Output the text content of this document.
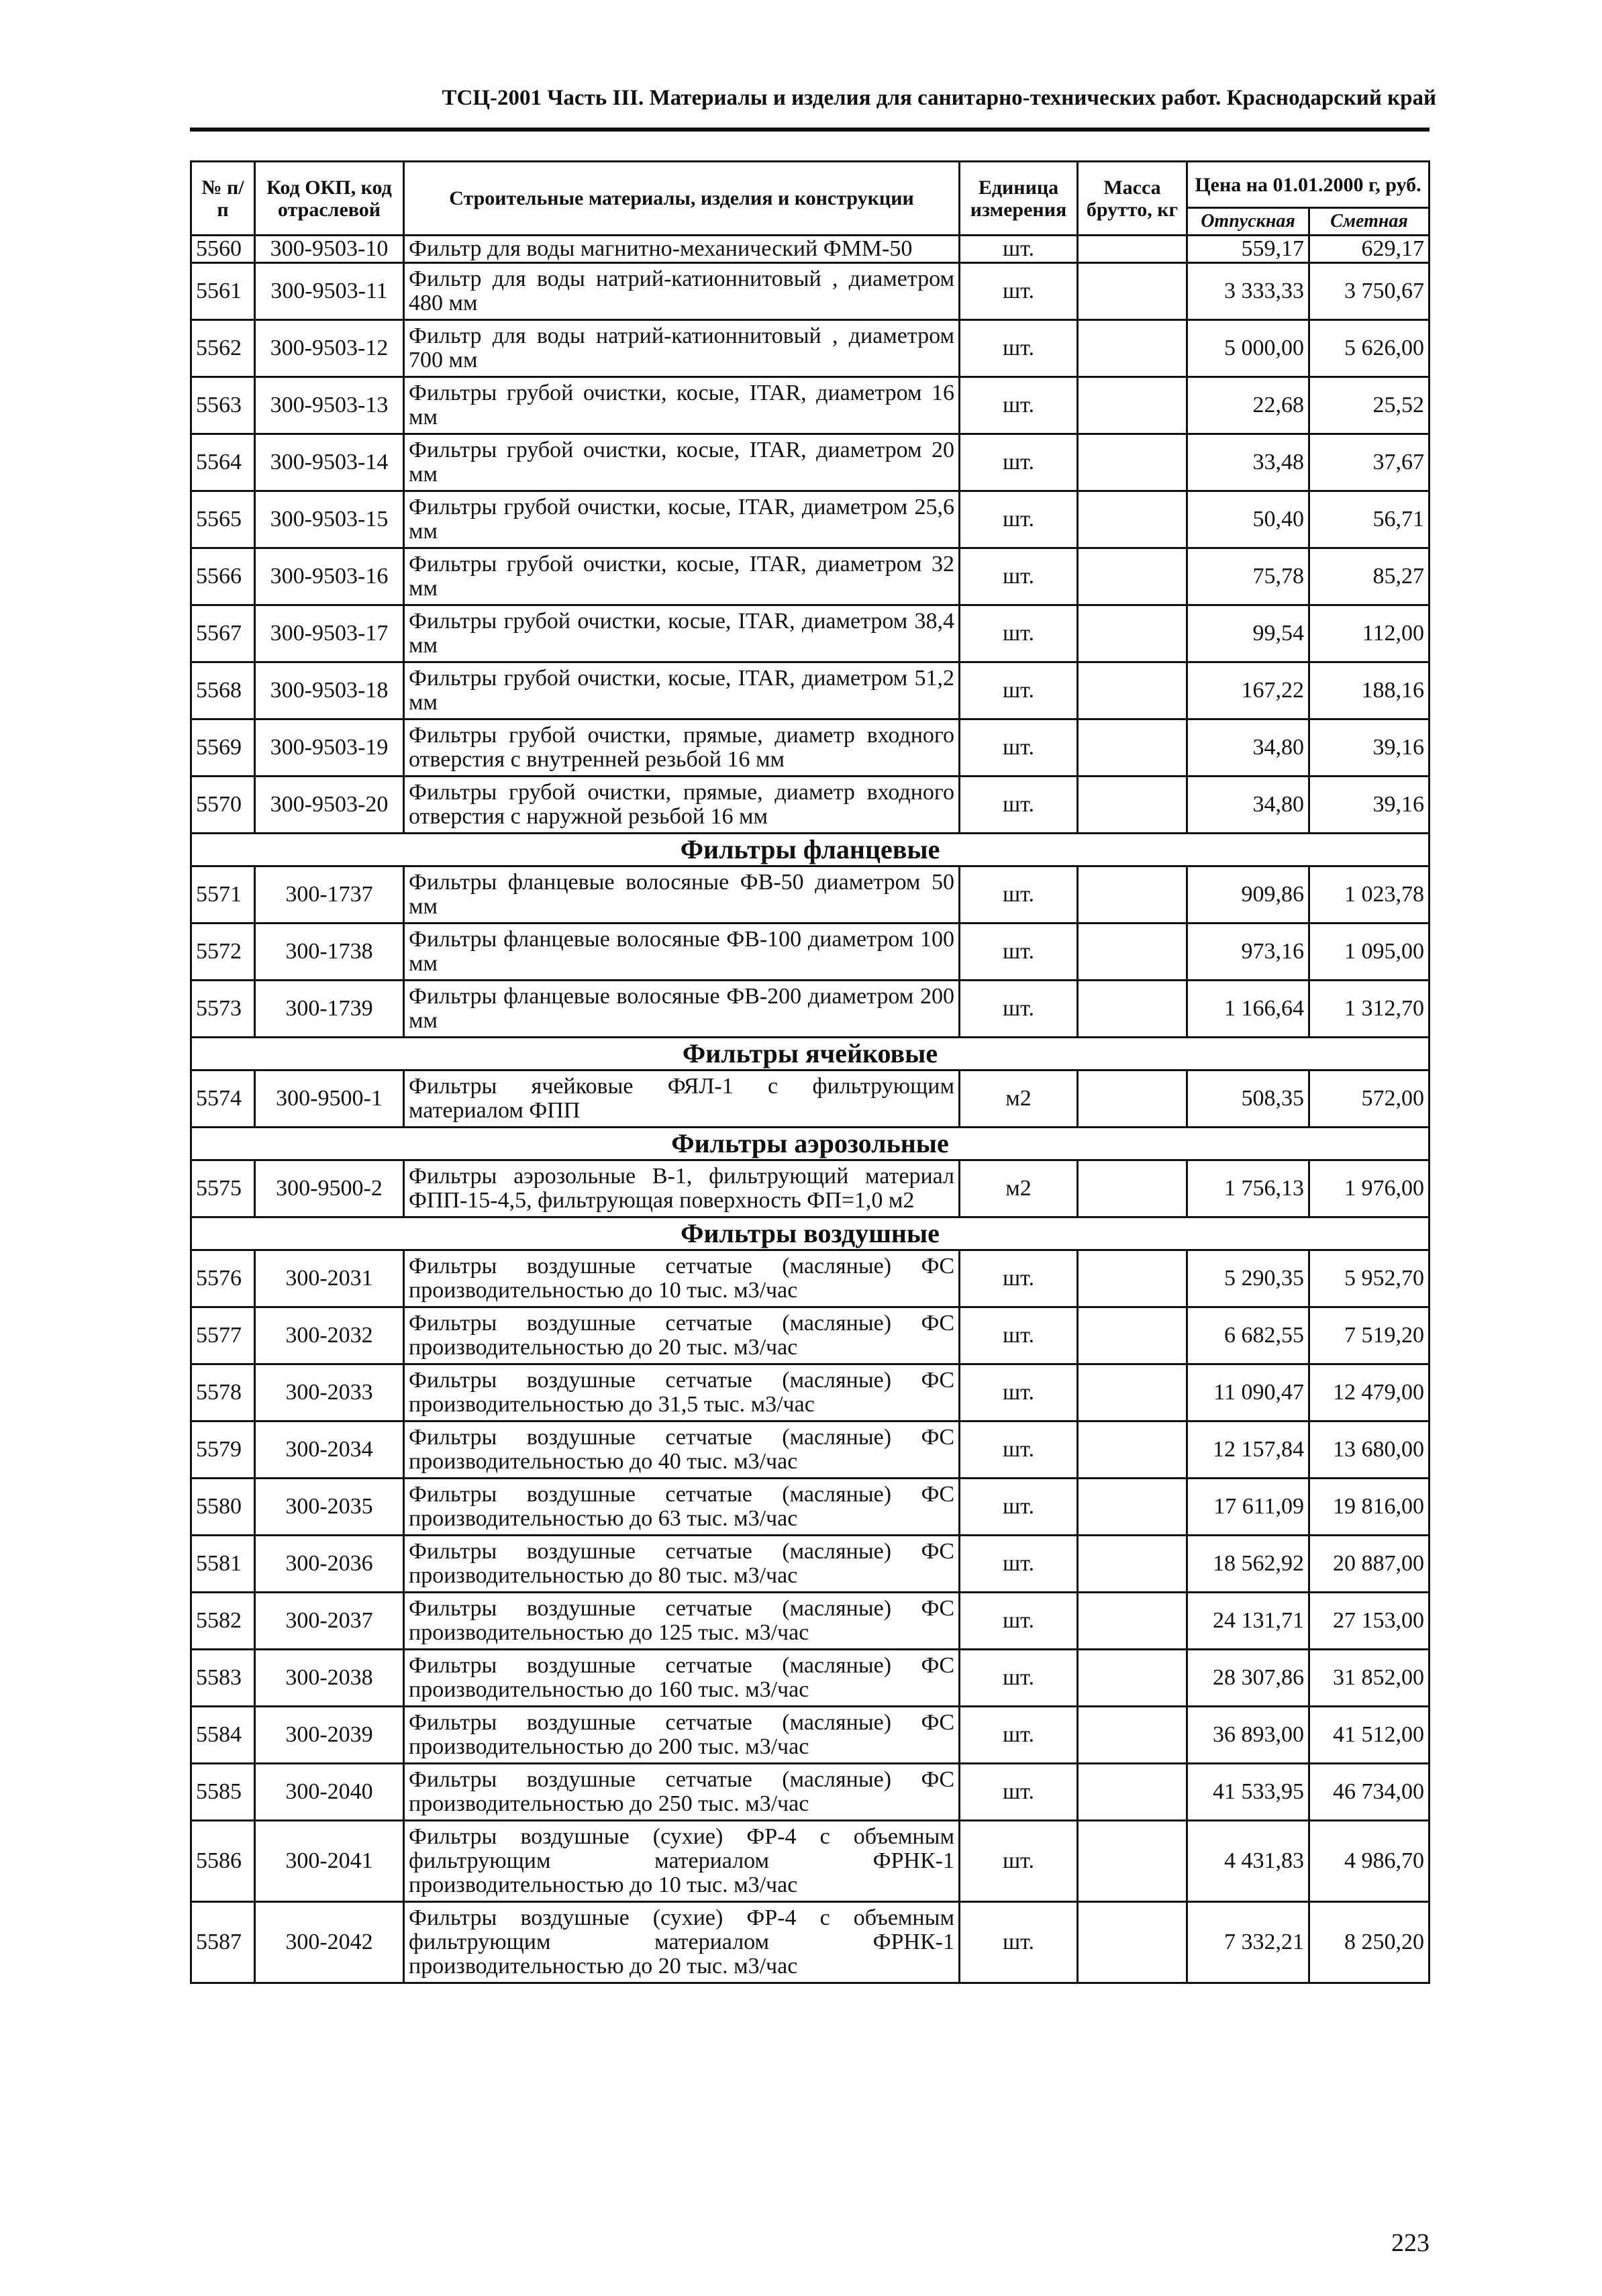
ТСЦ-2001 Часть III. Материалы и изделия для санитарно-технических работ. Краснодарский край
№ п/п	Код ОКП, код отраслевой	Строительные материалы, изделия и конструкции	Единица измерения	Масса брутто, кг	Цена на 01.01.2000 г, руб.	
					Отпускная	Сметная
5560	300-9503-10	Фильтр для воды магнитно-механический ФММ-50	шт.		559,17	629,17
5561	300-9503-11	Фильтр для воды натрий-катионнитовый , диаметром 480 мм	шт.		3 333,33	3 750,67
5562	300-9503-12	Фильтр для воды натрий-катионнитовый , диаметром 700 мм	шт.		5 000,00	5 626,00
5563	300-9503-13	Фильтры грубой очистки, косые, ITAR, диаметром 16 мм	шт.		22,68	25,52
5564	300-9503-14	Фильтры грубой очистки, косые, ITAR, диаметром 20 мм	шт.		33,48	37,67
5565	300-9503-15	Фильтры грубой очистки, косые, ITAR, диаметром 25,6 мм	шт.		50,40	56,71
5566	300-9503-16	Фильтры грубой очистки, косые, ITAR, диаметром 32 мм	шт.		75,78	85,27
5567	300-9503-17	Фильтры грубой очистки, косые, ITAR, диаметром 38,4 мм	шт.		99,54	112,00
5568	300-9503-18	Фильтры грубой очистки, косые, ITAR, диаметром 51,2 мм	шт.		167,22	188,16
5569	300-9503-19	Фильтры грубой очистки, прямые, диаметр входного отверстия с внутренней резьбой 16 мм	шт.		34,80	39,16
5570	300-9503-20	Фильтры грубой очистки, прямые, диаметр входного отверстия с наружной резьбой 16 мм	шт.		34,80	39,16
Фильтры фланцевые						
5571	300-1737	Фильтры фланцевые волосяные ФВ-50 диаметром 50 мм	шт.		909,86	1 023,78
5572	300-1738	Фильтры фланцевые волосяные ФВ-100 диаметром 100 мм	шт.		973,16	1 095,00
5573	300-1739	Фильтры фланцевые волосяные ФВ-200 диаметром 200 мм	шт.		1 166,64	1 312,70
Фильтры ячейковые						
5574	300-9500-1	Фильтры ячейковые ФЯЛ-1 с фильтрующим материалом ФПП	м2		508,35	572,00
Фильтры аэрозольные						
5575	300-9500-2	Фильтры аэрозольные В-1, фильтрующий материал ФПП-15-4,5, фильтрующая поверхность ФП=1,0 м2	м2		1 756,13	1 976,00
Фильтры воздушные						
5576	300-2031	Фильтры воздушные сетчатые (масляные) ФС производительностью до 10 тыс. м3/час	шт.		5 290,35	5 952,70
5577	300-2032	Фильтры воздушные сетчатые (масляные) ФС производительностью до 20 тыс. м3/час	шт.		6 682,55	7 519,20
5578	300-2033	Фильтры воздушные сетчатые (масляные) ФС производительностью до 31,5 тыс. м3/час	шт.		11 090,47	12 479,00
5579	300-2034	Фильтры воздушные сетчатые (масляные) ФС производительностью до 40 тыс. м3/час	шт.		12 157,84	13 680,00
5580	300-2035	Фильтры воздушные сетчатые (масляные) ФС производительностью до 63 тыс. м3/час	шт.		17 611,09	19 816,00
5581	300-2036	Фильтры воздушные сетчатые (масляные) ФС производительностью до 80 тыс. м3/час	шт.		18 562,92	20 887,00
5582	300-2037	Фильтры воздушные сетчатые (масляные) ФС производительностью до 125 тыс. м3/час	шт.		24 131,71	27 153,00
5583	300-2038	Фильтры воздушные сетчатые (масляные) ФС производительностью до 160 тыс. м3/час	шт.		28 307,86	31 852,00
5584	300-2039	Фильтры воздушные сетчатые (масляные) ФС производительностью до 200 тыс. м3/час	шт.		36 893,00	41 512,00
5585	300-2040	Фильтры воздушные сетчатые (масляные) ФС производительностью до 250 тыс. м3/час	шт.		41 533,95	46 734,00
5586	300-2041	Фильтры воздушные (сухие) ФР-4 с объемным фильтрующим материалом ФРНК-1 производительностью до 10 тыс. м3/час	шт.		4 431,83	4 986,70
5587	300-2042	Фильтры воздушные (сухие) ФР-4 с объемным фильтрующим материалом ФРНК-1 производительностью до 20 тыс. м3/час	шт.		7 332,21	8 250,20
223
